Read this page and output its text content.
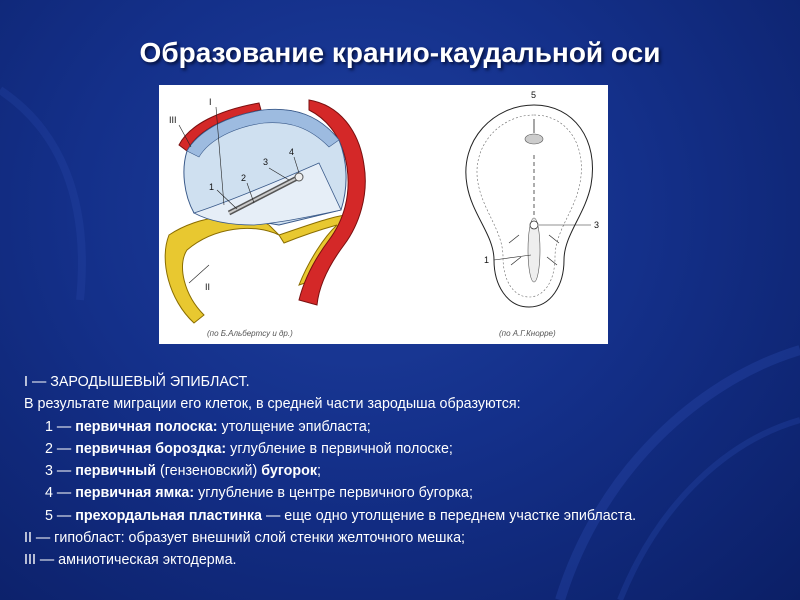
Образование кранио-каудальной оси
I
III
2
3
4
1
II
5
3
1
(по Б.Альбертсу и др.)	(по А.Г.Кнорре)
I — ЗАРОДЫШЕВЫЙ ЭПИБЛАСТ.
В результате миграции его клеток, в средней части зародыша образуются:
1 — первичная полоска: утолщение эпибласта;
2 — первичная бороздка: углубление в первичной полоске;
3 — первичный (гензеновский) бугорок;
4 — первичная ямка: углубление в центре первичного бугорка;
5 — прехордальная пластинка — еще одно утолщение в переднем участке эпибласта.
II — гипобласт: образует внешний слой стенки желточного мешка;
III — амниотическая эктодерма.
